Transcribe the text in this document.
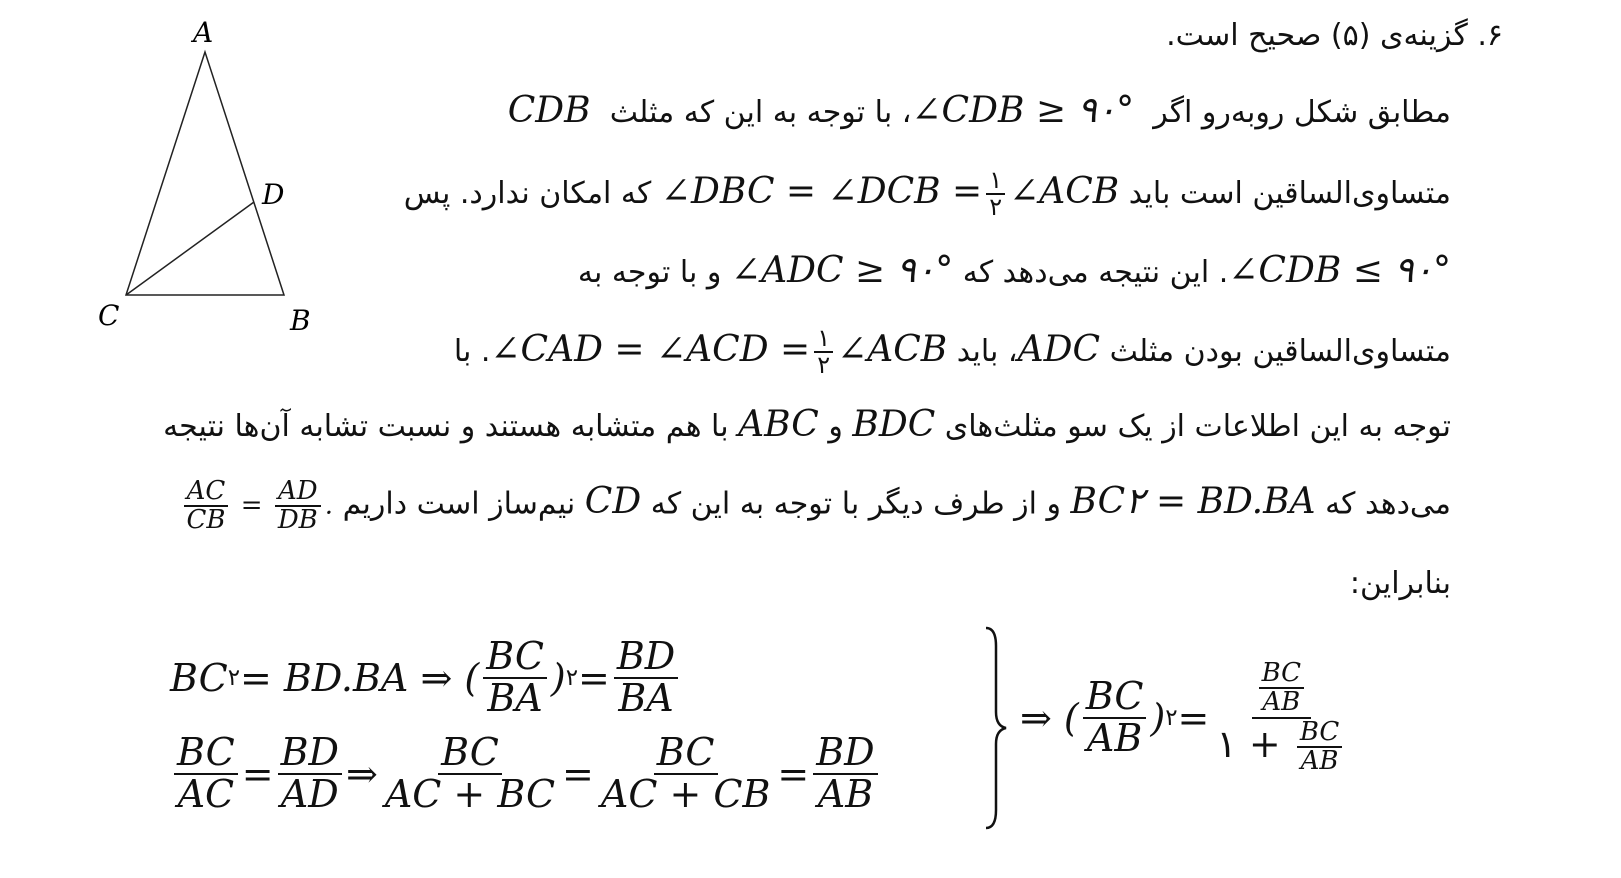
A
D
C	B
۶. گزینه‌ی (۵) صحیح است.
مطابق شکل روبه‌رو اگر  ∠CDB ≥ ۹۰°، با توجه به این که مثلث  CDB
متساوی‌الساقین است باید ∠DBC = ∠DCB = $\frac{۱}{۲}$ ∠ACB که امکان ندارد. پس
∠CDB ≤ ۹۰°. این نتیجه می‌دهد که ∠ADC ≥ ۹۰° و با توجه به
متساوی‌الساقین بودن مثلث ADC، باید ∠CAD = ∠ACD = $\frac{۱}{۲}$ ∠ACB. با
توجه به این اطلاعات از یک سو مثلث‌های BDC و ABC با هم متشابه هستند و نسبت تشابه آن‌ها نتیجه
می‌دهد که BC۲ = BD.BA و از طرف دیگر با توجه به این که CD نیم‌ساز است داریم
$\frac{AC}{CB} = \frac{AD}{DB}$ .
بنابراین:
BC ۲ = BD.BA ⇒ ( $\frac{BC}{BA}$ ) ۲ = $\frac{BD}{BA}$
$\frac{BC}{AC} = \frac{BD}{AD}$ ⇒ $\frac{BC}{AC + BC} = \frac{BC}{AC + CB} = \frac{BD}{AB}$
⇒ ( $\frac{BC}{AB}$ ) ۲ = $\frac{\frac{BC}{AB}}{۱ + \frac{BC}{AB}}$
